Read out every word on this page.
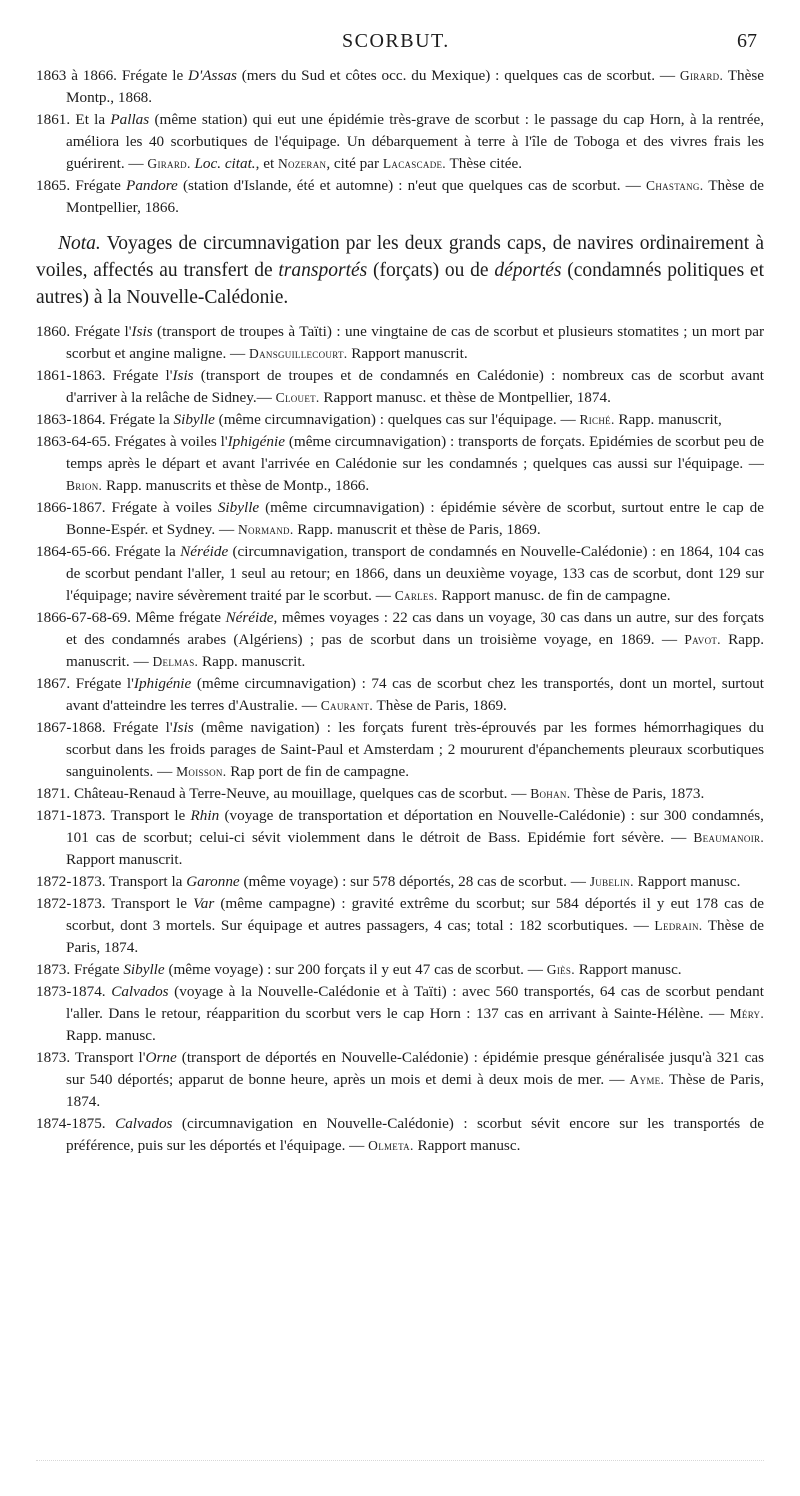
SCORBUT.	67

1863 à 1866. Frégate le D'Assas (mers du Sud et côtes occ. du Mexique) : quelques cas de scorbut. — Girard. Thèse Montp., 1868.

1861. Et la Pallas (même station) qui eut une épidémie très-grave de scorbut : le passage du cap Horn, à la rentrée, améliora les 40 scorbutiques de l'équipage. Un débarquement à terre à l'île de Toboga et des vivres frais les guérirent. — Girard. Loc. citat., et Nozeran, cité par Lacascade. Thèse citée.

1865. Frégate Pandore (station d'Islande, été et automne) : n'eut que quelques cas de scorbut. — Chastang. Thèse de Montpellier, 1866.

Nota. Voyages de circumnavigation par les deux grands caps, de navires ordinairement à voiles, affectés au transfert de transportés (forçats) ou de déportés (condamnés politiques et autres) à la Nouvelle-Calédonie.

1860. Frégate l'Isis (transport de troupes à Taïti) : une vingtaine de cas de scorbut et plusieurs stomatites ; un mort par scorbut et angine maligne. — Dansguillecourt. Rapport manuscrit.

1861-1863. Frégate l'Isis (transport de troupes et de condamnés en Calédonie) : nombreux cas de scorbut avant d'arriver à la relâche de Sidney.— Clouet. Rapport manusc. et thèse de Montpellier, 1874.

1863-1864. Frégate la Sibylle (même circumnavigation) : quelques cas sur l'équipage. — Riché. Rapp. manuscrit,

1863-64-65. Frégates à voiles l'Iphigénie (même circumnavigation) : transports de forçats. Epidémies de scorbut peu de temps après le départ et avant l'arrivée en Calédonie sur les condamnés ; quelques cas aussi sur l'équipage. — Brion. Rapp. manuscrits et thèse de Montp., 1866.

1866-1867. Frégate à voiles Sibylle (même circumnavigation) : épidémie sévère de scorbut, surtout entre le cap de Bonne-Espér. et Sydney. — Normand. Rapp. manuscrit et thèse de Paris, 1869.

1864-65-66. Frégate la Néréide (circumnavigation, transport de condamnés en Nouvelle-Calédonie) : en 1864, 104 cas de scorbut pendant l'aller, 1 seul au retour; en 1866, dans un deuxième voyage, 133 cas de scorbut, dont 129 sur l'équipage; navire sévèrement traité par le scorbut. — Carles. Rapport manusc. de fin de campagne.

1866-67-68-69. Même frégate Néréide, mêmes voyages : 22 cas dans un voyage, 30 cas dans un autre, sur des forçats et des condamnés arabes (Algériens) ; pas de scorbut dans un troisième voyage, en 1869. — Pavot. Rapp. manuscrit. — Delmas. Rapp. manuscrit.

1867. Frégate l'Iphigénie (même circumnavigation) : 74 cas de scorbut chez les transportés, dont un mortel, surtout avant d'atteindre les terres d'Australie. — Caurant. Thèse de Paris, 1869.

1867-1868. Frégate l'Isis (même navigation) : les forçats furent très-éprouvés par les formes hémorrhagiques du scorbut dans les froids parages de Saint-Paul et Amsterdam ; 2 moururent d'épanchements pleuraux scorbutiques sanguinolents. — Moisson. Rap port de fin de campagne.

1871. Château-Renaud à Terre-Neuve, au mouillage, quelques cas de scorbut. — Bohan. Thèse de Paris, 1873.

1871-1873. Transport le Rhin (voyage de transportation et déportation en Nouvelle-Calédonie) : sur 300 condamnés, 101 cas de scorbut; celui-ci sévit violemment dans le détroit de Bass. Epidémie fort sévère. — Beaumanoir. Rapport manuscrit.

1872-1873. Transport la Garonne (même voyage) : sur 578 déportés, 28 cas de scorbut. — Jubelin. Rapport manusc.

1872-1873. Transport le Var (même campagne) : gravité extrême du scorbut; sur 584 déportés il y eut 178 cas de scorbut, dont 3 mortels. Sur équipage et autres passagers, 4 cas; total : 182 scorbutiques. — Ledrain. Thèse de Paris, 1874.

1873. Frégate Sibylle (même voyage) : sur 200 forçats il y eut 47 cas de scorbut. — Giès. Rapport manusc.

1873-1874. Calvados (voyage à la Nouvelle-Calédonie et à Taïti) : avec 560 transportés, 64 cas de scorbut pendant l'aller. Dans le retour, réapparition du scorbut vers le cap Horn : 137 cas en arrivant à Sainte-Hélène. — Méry. Rapp. manusc.

1873. Transport l'Orne (transport de déportés en Nouvelle-Calédonie) : épidémie presque généralisée jusqu'à 321 cas sur 540 déportés; apparut de bonne heure, après un mois et demi à deux mois de mer. — Ayme. Thèse de Paris, 1874.

1874-1875. Calvados (circumnavigation en Nouvelle-Calédonie) : scorbut sévit encore sur les transportés de préférence, puis sur les déportés et l'équipage. — Olmeta. Rapport manusc.
